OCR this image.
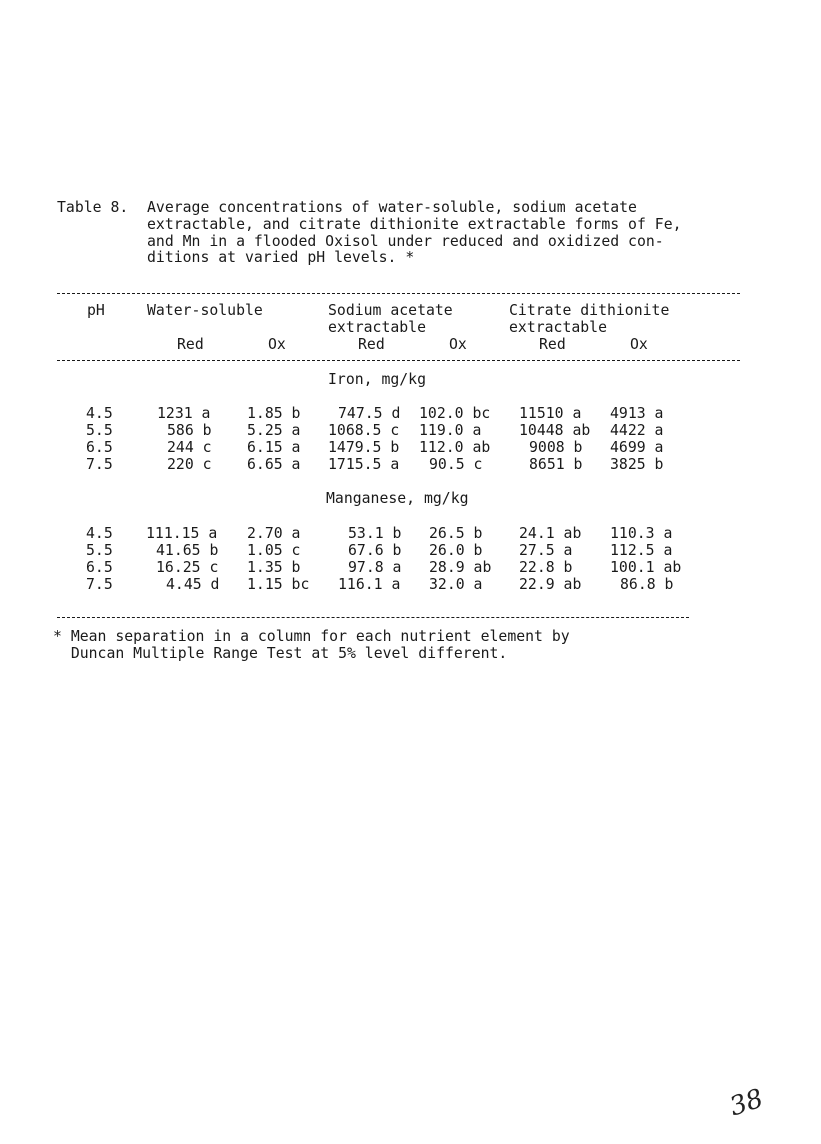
Table 8. Average concentrations of water-soluble, sodium acetate
extractable, and citrate dithionite extractable forms of Fe,
and Mn in a flooded Oxisol under reduced and oxidized con-
ditions at varied pH levels. *
pH	Water-soluble	Sodium acetate
extractable
Citrate dithionite
extractable
Red	Ox	Red	Ox	Red	Ox
Iron, mg/kg
4.5	1231 a 1.85 b	747.5 d 102.0 bc 11510 a 4913 a
5.5	586 b 5.25 a 1068.5 c 119.0 a	10448 ab 4422 a
6.5	244 c 6.15 a 1479.5 b 112.0 ab	9008 b 4699 a
7.5	220 c 6.65 a 1715.5 a 90.5 c	8651 b 3825 b
Manganese, mg/kg
4.5 111.15 a 2.70 a	53.1 b 26.5 b 24.1 ab 110.3 a
5.5	41.65 b 1.05 c	67.6 b 26.0 b 27.5 a	112.5 a
6.5	16.25 c 1.35 b	97.8 a 28.9 ab 22.8 b	100.1 ab
7.5	4.45 d 1.15 bc 116.1 a 32.0 a 22.9 ab	86.8 b
* Mean separation in a column for each nutrient element by
Duncan Multiple Range Test at 5% level different.
38
